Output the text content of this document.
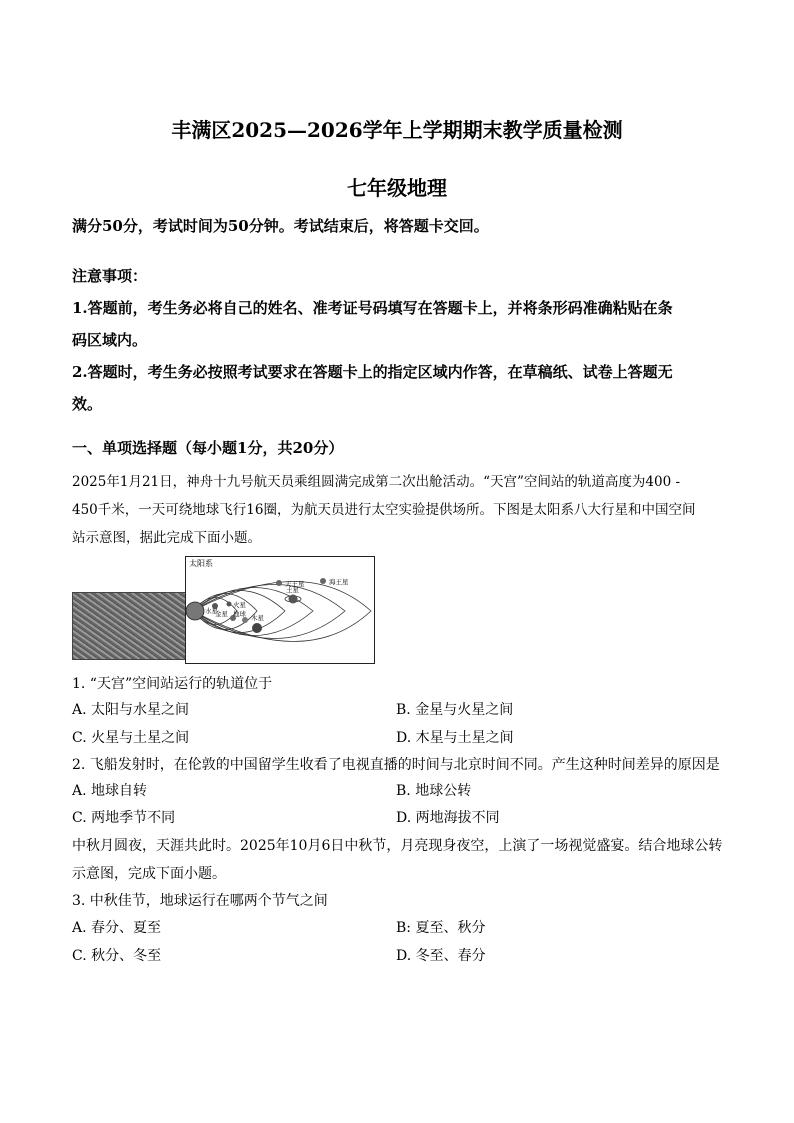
丰满区2025—2026学年上学期期末教学质量检测
七年级地理
满分50分，考试时间为50分钟。考试结束后，将答题卡交回。
注意事项：
1.答题前，考生务必将自己的姓名、准考证号码填写在答题卡上，并将条形码准确粘贴在条
码区域内。
2.答题时，考生务必按照考试要求在答题卡上的指定区域内作答，在草稿纸、试卷上答题无
效。
一、单项选择题（每小题1分，共20分）
2025年1月21日，神舟十九号航天员乘组圆满完成第二次出舱活动。“天宫”空间站的轨道高度为400 -
450千米，一天可绕地球飞行16圈，为航天员进行太空实验提供场所。下图是太阳系八大行星和中国空间
站示意图，据此完成下面小题。
太阳系
天王星	海王星
土星
火星
地球 木星
金星
水星
1. “天宫”空间站运行的轨道位于
A. 太阳与水星之间	B. 金星与火星之间
C. 火星与土星之间	D. 木星与土星之间
2. 飞船发射时，在伦敦的中国留学生收看了电视直播的时间与北京时间不同。产生这种时间差异的原因是
A. 地球自转	B. 地球公转
C. 两地季节不同	D. 两地海拔不同
中秋月圆夜，天涯共此时。2025年10月6日中秋节，月亮现身夜空，上演了一场视觉盛宴。结合地球公转
示意图，完成下面小题。
3. 中秋佳节，地球运行在哪两个节气之间
A. 春分、夏至	B: 夏至、秋分
C. 秋分、冬至	D. 冬至、春分
